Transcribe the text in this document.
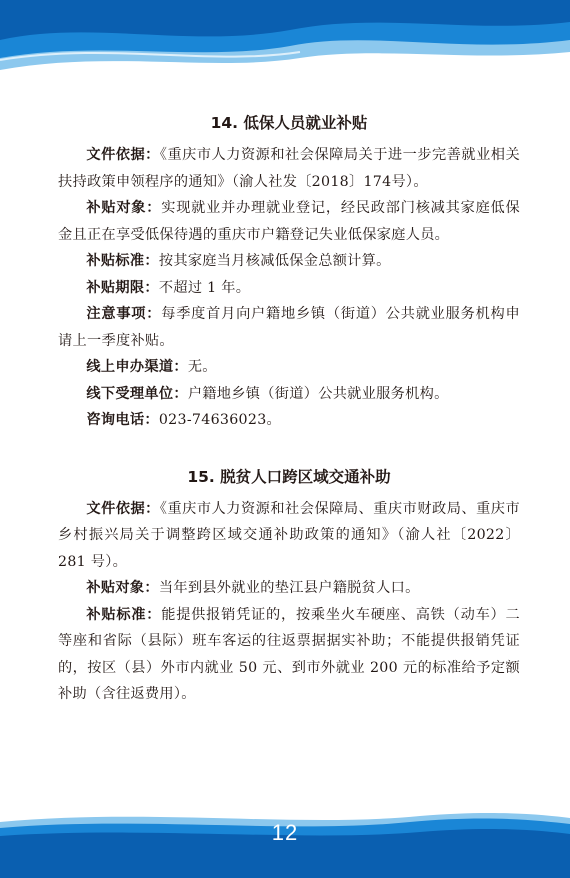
14. 低保人员就业补贴

文件依据：《重庆市人力资源和社会保障局关于进一步完善就业相关扶持政策申领程序的通知》（渝人社发〔2018〕174号）。

补贴对象：实现就业并办理就业登记，经民政部门核减其家庭低保金且正在享受低保待遇的重庆市户籍登记失业低保家庭人员。

补贴标准：按其家庭当月核减低保金总额计算。

补贴期限：不超过 1 年。

注意事项：每季度首月向户籍地乡镇（街道）公共就业服务机构申请上一季度补贴。

线上申办渠道：无。

线下受理单位：户籍地乡镇（街道）公共就业服务机构。

咨询电话：023-74636023。

15. 脱贫人口跨区域交通补助

文件依据：《重庆市人力资源和社会保障局、重庆市财政局、重庆市乡村振兴局关于调整跨区域交通补助政策的通知》（渝人社〔2022〕281 号）。

补贴对象：当年到县外就业的垫江县户籍脱贫人口。

补贴标准：能提供报销凭证的，按乘坐火车硬座、高铁（动车）二等座和省际（县际）班车客运的往返票据据实补助；不能提供报销凭证的，按区（县）外市内就业 50 元、到市外就业 200 元的标准给予定额补助（含往返费用）。

12
